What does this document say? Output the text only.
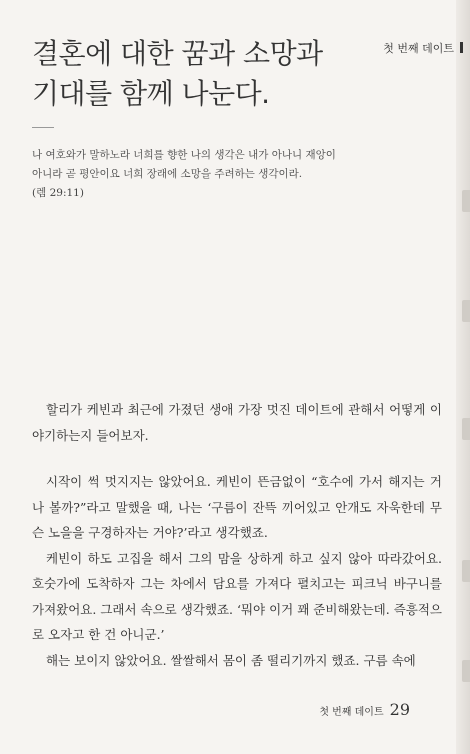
결혼에 대한 꿈과 소망과
기대를 함께 나눈다.
첫 번째 데이트

나 여호와가 말하노라 너희를 향한 나의 생각은 내가 아나니 재앙이

아니라 곧 평안이요 너희 장래에 소망을 주려하는 생각이라.

(렘 29:11)

할리가 케빈과 최근에 가졌던 생애 가장 멋진 데이트에 관해서 어떻게 이야기하는지 들어보자.

시작이 썩 멋지지는 않았어요. 케빈이 뜬금없이 “호수에 가서 해지는 거나 볼까?”라고 말했을 때, 나는 ‘구름이 잔뜩 끼어있고 안개도 자욱한데 무슨 노을을 구경하자는 거야?’라고 생각했죠.

케빈이 하도 고집을 해서 그의 맘을 상하게 하고 싶지 않아 따라갔어요. 호숫가에 도착하자 그는 차에서 담요를 가져다 펼치고는 피크닉 바구니를 가져왔어요. 그래서 속으로 생각했죠. ‘뭐야 이거 꽤 준비해왔는데. 즉흥적으로 오자고 한 건 아니군.’

해는 보이지 않았어요. 쌀쌀해서 몸이 좀 떨리기까지 했죠. 구름 속에

첫 번째 데이트 29
